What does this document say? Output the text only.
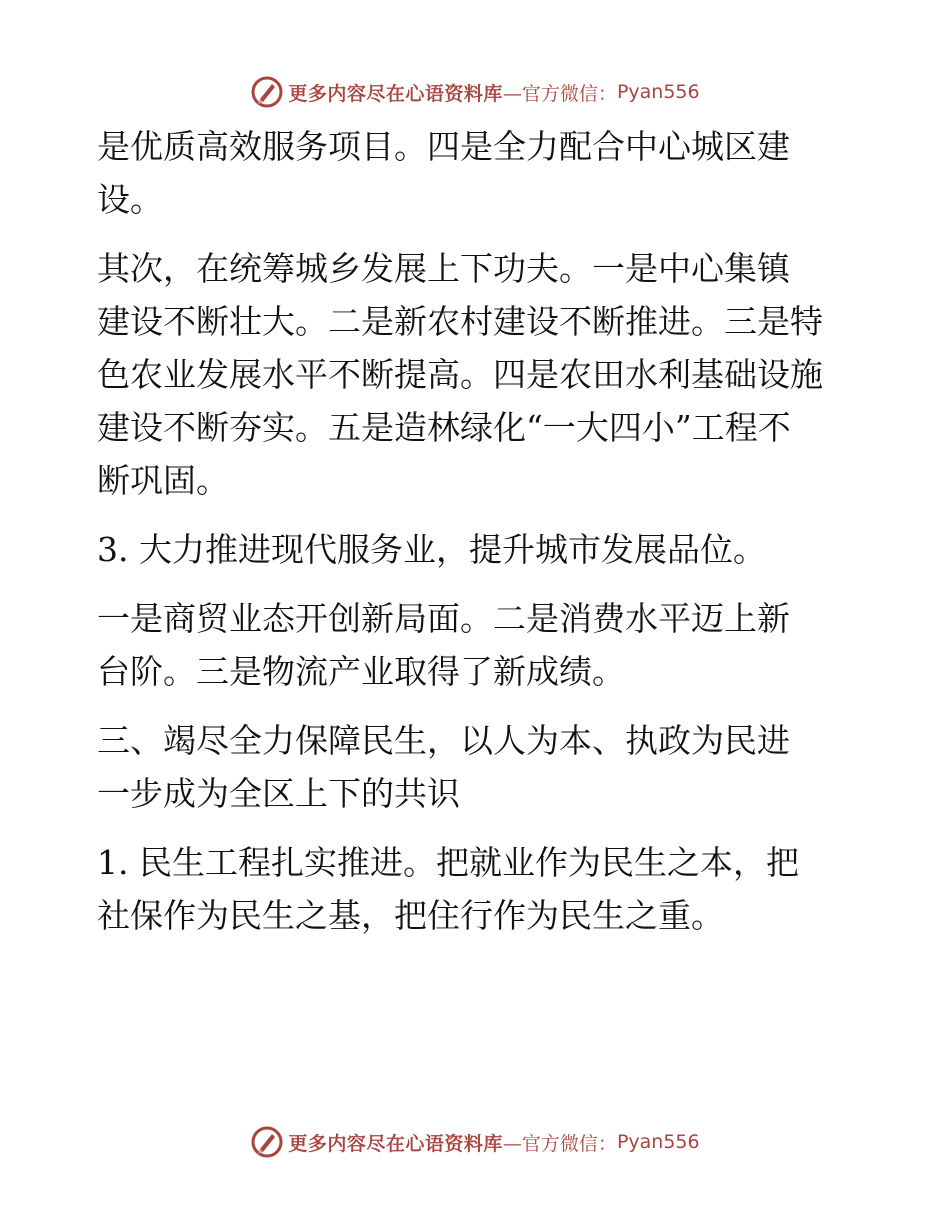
更多内容尽在心语资料库 —官方微信： Pyan556

是优质高效服务项目。四是全力配合中心城区建
设。

其次，在统筹城乡发展上下功夫。一是中心集镇
建设不断壮大。二是新农村建设不断推进。三是特
色农业发展水平不断提高。四是农田水利基础设施
建设不断夯实。五是造林绿化“一大四小”工程不
断巩固。

3. 大力推进现代服务业，提升城市发展品位。

一是商贸业态开创新局面。二是消费水平迈上新
台阶。三是物流产业取得了新成绩。

三、竭尽全力保障民生，以人为本、执政为民进
一步成为全区上下的共识

1. 民生工程扎实推进。把就业作为民生之本，把
社保作为民生之基，把住行作为民生之重。

更多内容尽在心语资料库 —官方微信： Pyan556
